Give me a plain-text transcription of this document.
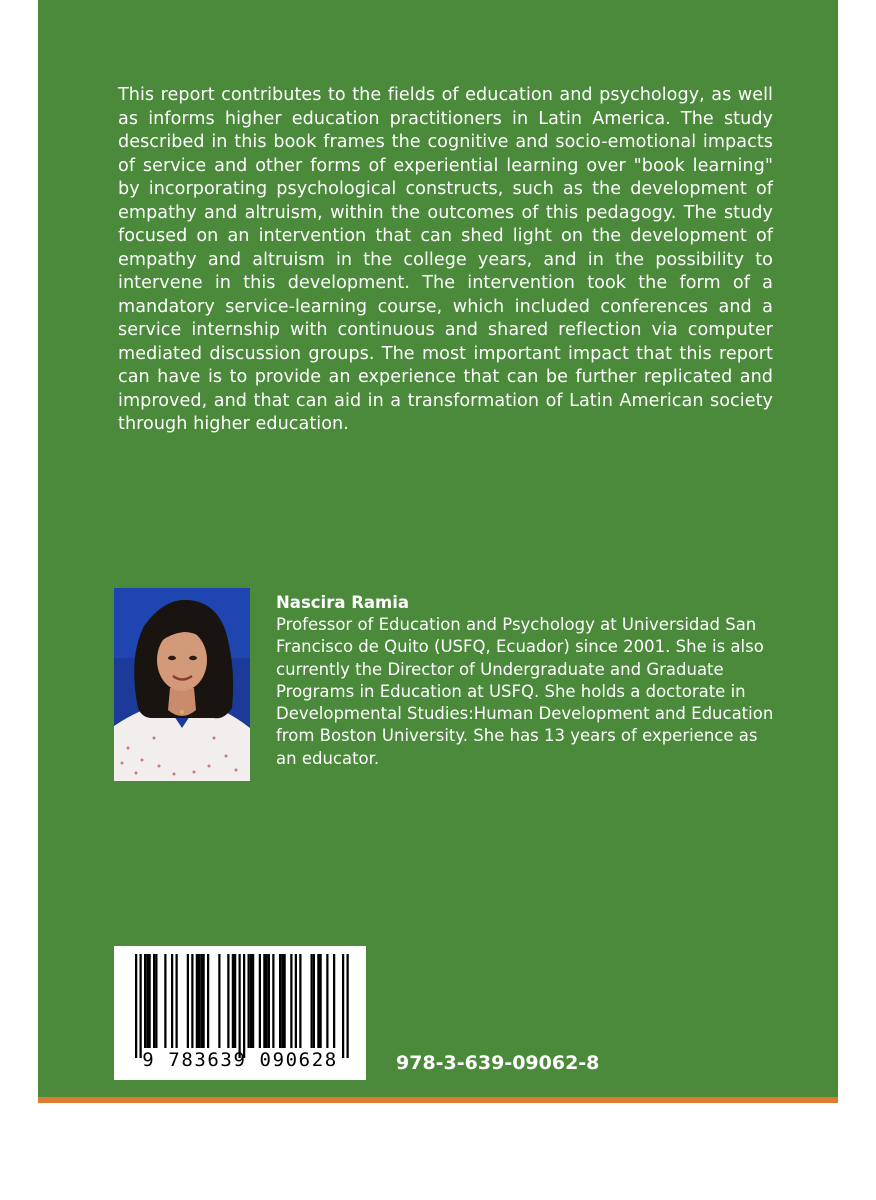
This report contributes to the fields of education and psychology, as well as informs higher education practitioners in Latin America. The study described in this book frames the cognitive and socio-emotional impacts of service and other forms of experiential learning over "book learning" by incorporating psychological constructs, such as the development of empathy and altruism, within the outcomes of this pedagogy. The study focused on an intervention that can shed light on the development of empathy and altruism in the college years, and in the possibility to intervene in this development. The intervention took the form of a mandatory service-learning course, which included conferences and a service internship with continuous and shared reflection via computer mediated discussion groups. The most important impact that this report can have is to provide an experience that can be further replicated and improved, and that can aid in a transformation of Latin American society through higher education.

Nascira Ramia

Professor of Education and Psychology at Universidad San Francisco de Quito (USFQ, Ecuador) since 2001. She is also currently the Director of Undergraduate and Graduate Programs in Education at USFQ. She holds a doctorate in Developmental Studies:Human Development and Education from Boston University. She has 13 years of experience as an educator.

9 783639 090628	978-3-639-09062-8
